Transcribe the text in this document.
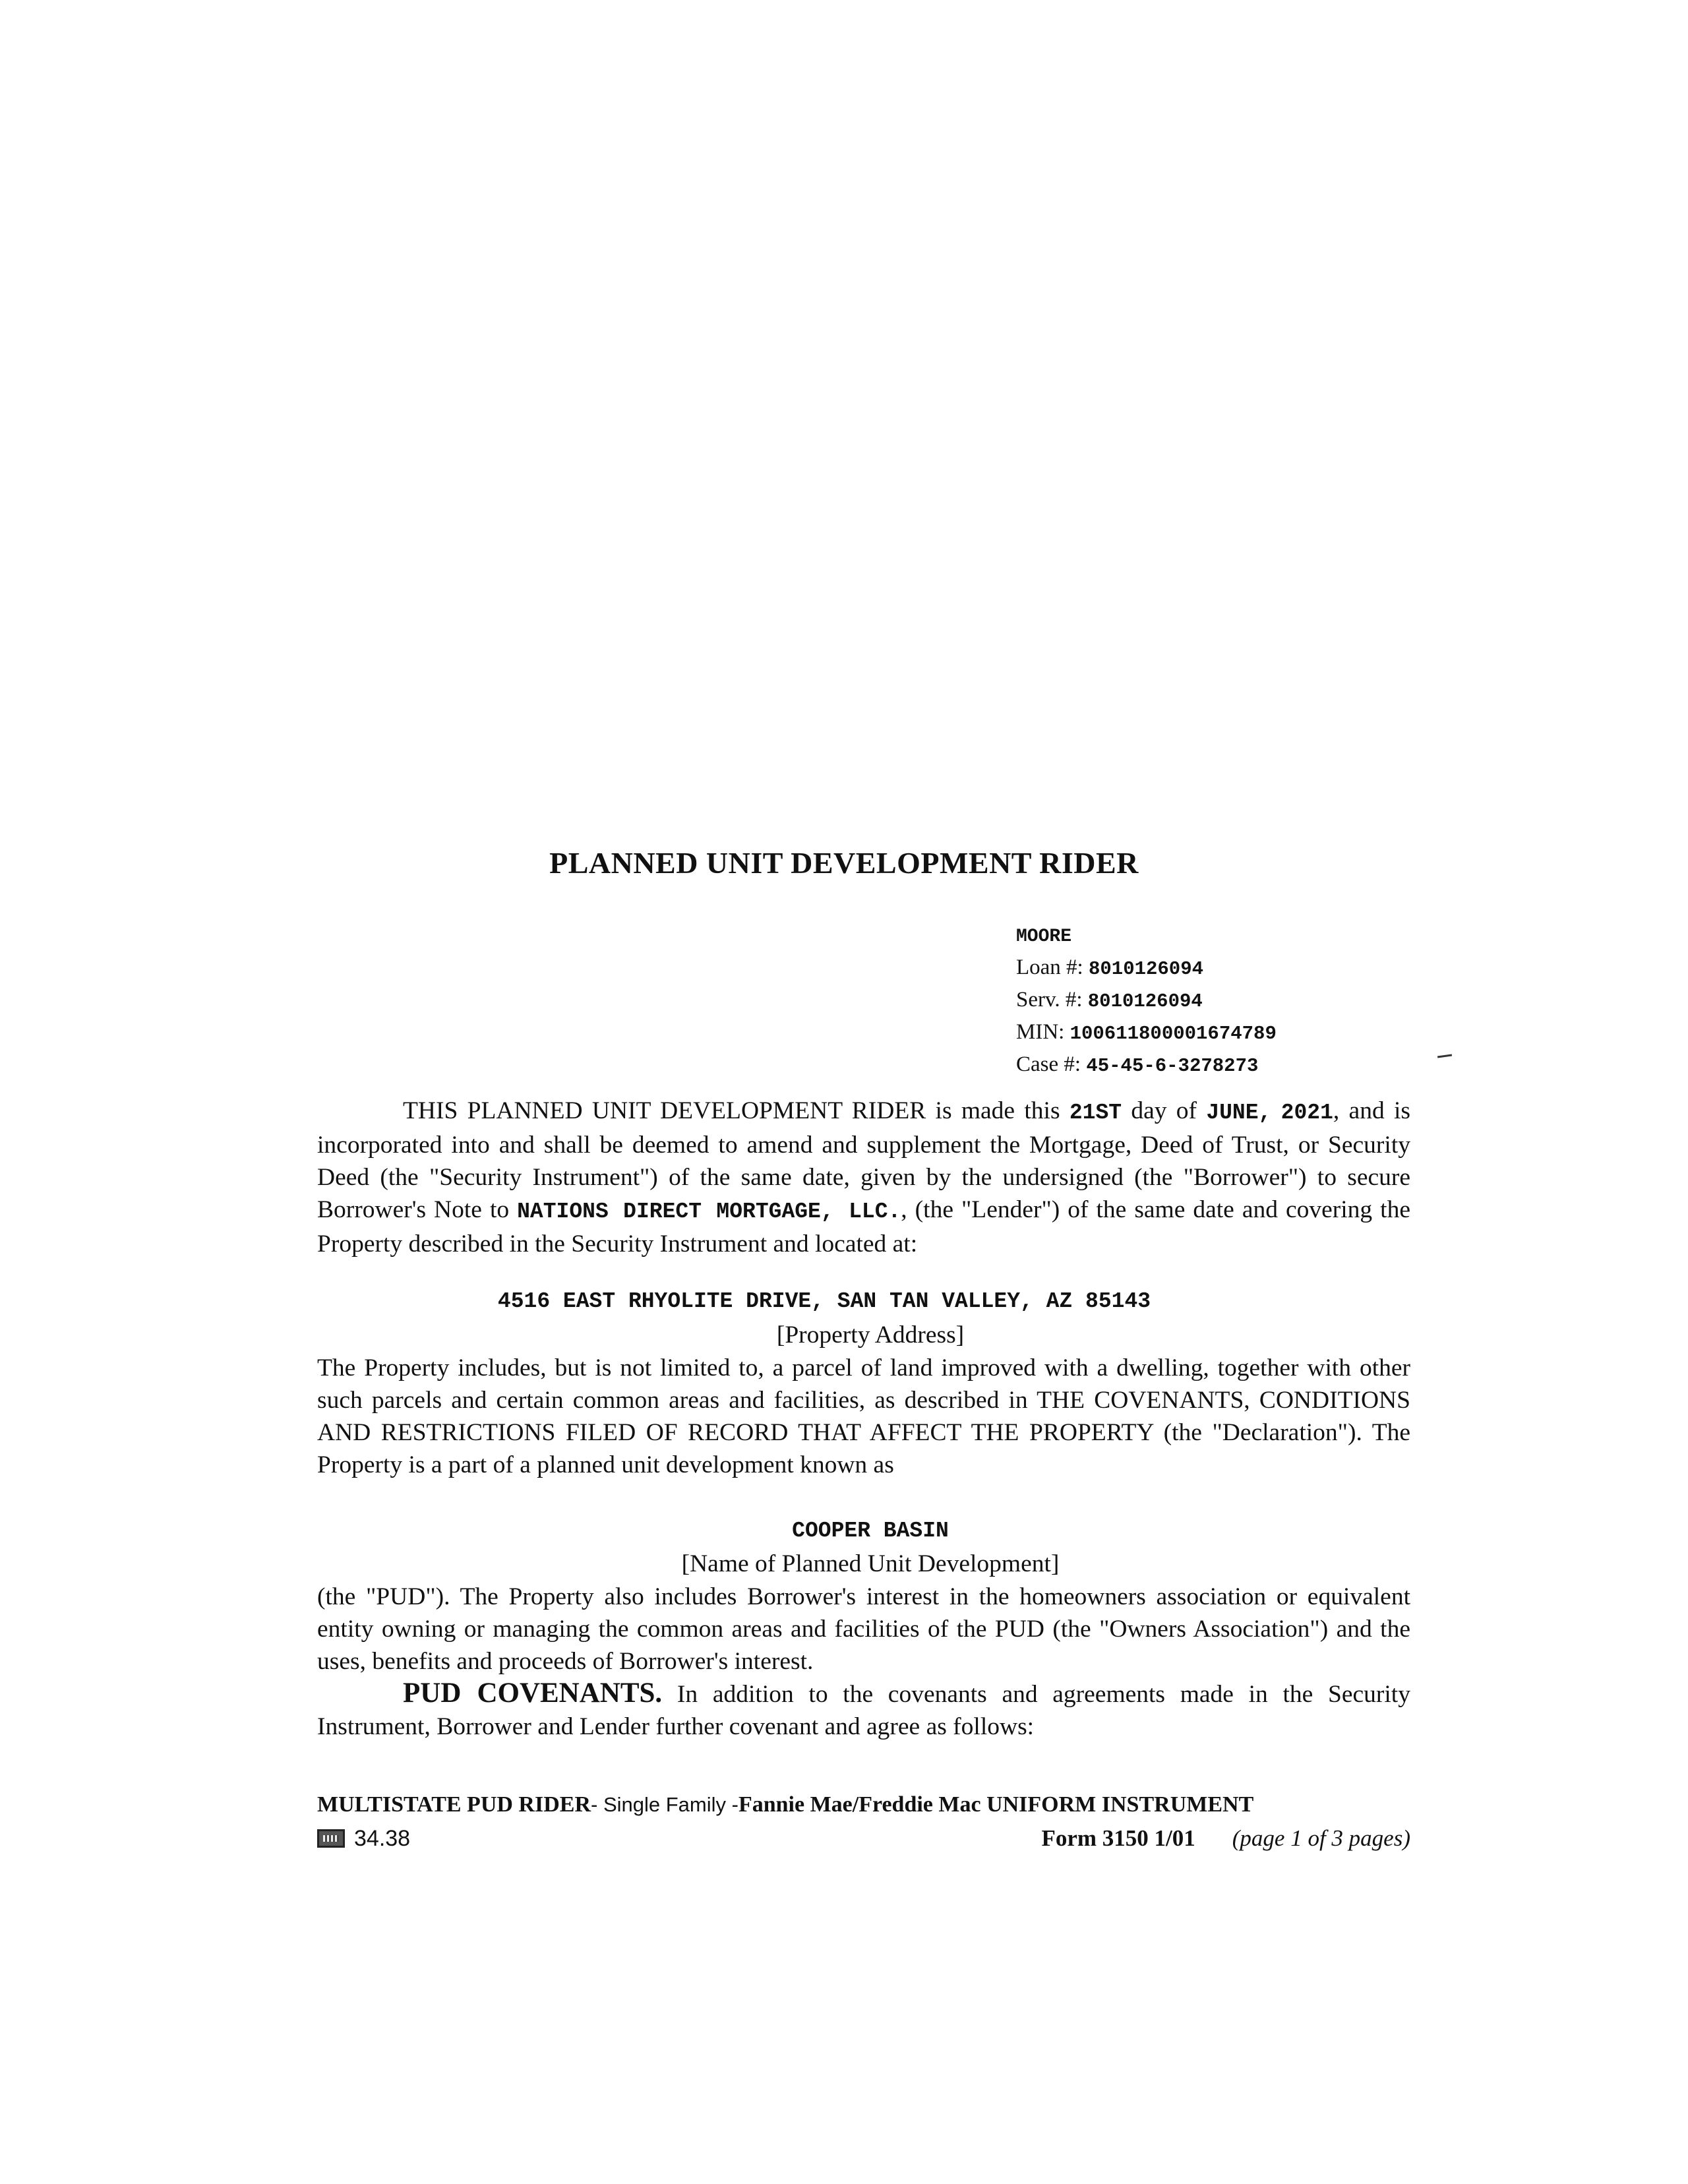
PLANNED UNIT DEVELOPMENT RIDER
MOORE
Loan #: 8010126094
Serv. #: 8010126094
MIN: 100611800001674789
Case #: 45-45-6-3278273
THIS PLANNED UNIT DEVELOPMENT RIDER is made this 21ST day of JUNE, 2021, and is incorporated into and shall be deemed to amend and supplement the Mortgage, Deed of Trust, or Security Deed (the "Security Instrument") of the same date, given by the undersigned (the "Borrower") to secure Borrower's Note to NATIONS DIRECT MORTGAGE, LLC., (the "Lender") of the same date and covering the Property described in the Security Instrument and located at:
4516 EAST RHYOLITE DRIVE, SAN TAN VALLEY, AZ 85143
[Property Address]
The Property includes, but is not limited to, a parcel of land improved with a dwelling, together with other such parcels and certain common areas and facilities, as described in THE COVENANTS, CONDITIONS AND RESTRICTIONS FILED OF RECORD THAT AFFECT THE PROPERTY (the "Declaration"). The Property is a part of a planned unit development known as
COOPER BASIN
[Name of Planned Unit Development]
(the "PUD"). The Property also includes Borrower's interest in the homeowners association or equivalent entity owning or managing the common areas and facilities of the PUD (the "Owners Association") and the uses, benefits and proceeds of Borrower's interest.
PUD COVENANTS. In addition to the covenants and agreements made in the Security Instrument, Borrower and Lender further covenant and agree as follows:
MULTISTATE PUD RIDER- Single Family -Fannie Mae/Freddie Mac UNIFORM INSTRUMENT
34.38	Form 3150 1/01 (page 1 of 3 pages)
